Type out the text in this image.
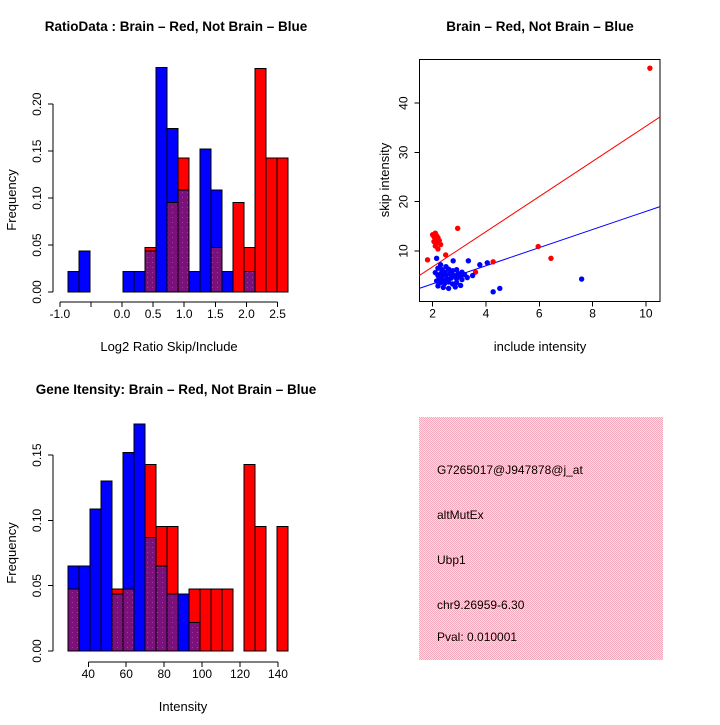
-1.0	0.0 0.5 1.0 1.5 2.0 2.5
0.00
0.05
0.10
0.15
0.20
2	4	6	8	10
10
20
30
40
40 60 80 100 120 140
0.00
0.05
0.10
0.15
RatioData : Brain – Red, Not Brain – Blue
Log2 Ratio Skip/Include
Frequency
Brain – Red, Not Brain – Blue
include intensity
skip intensity
Gene Itensity: Brain – Red, Not Brain – Blue
Intensity
Frequency
G7265017@J947878@j_at
altMutEx
Ubp1
chr9.26959-6.30
Pval: 0.010001
